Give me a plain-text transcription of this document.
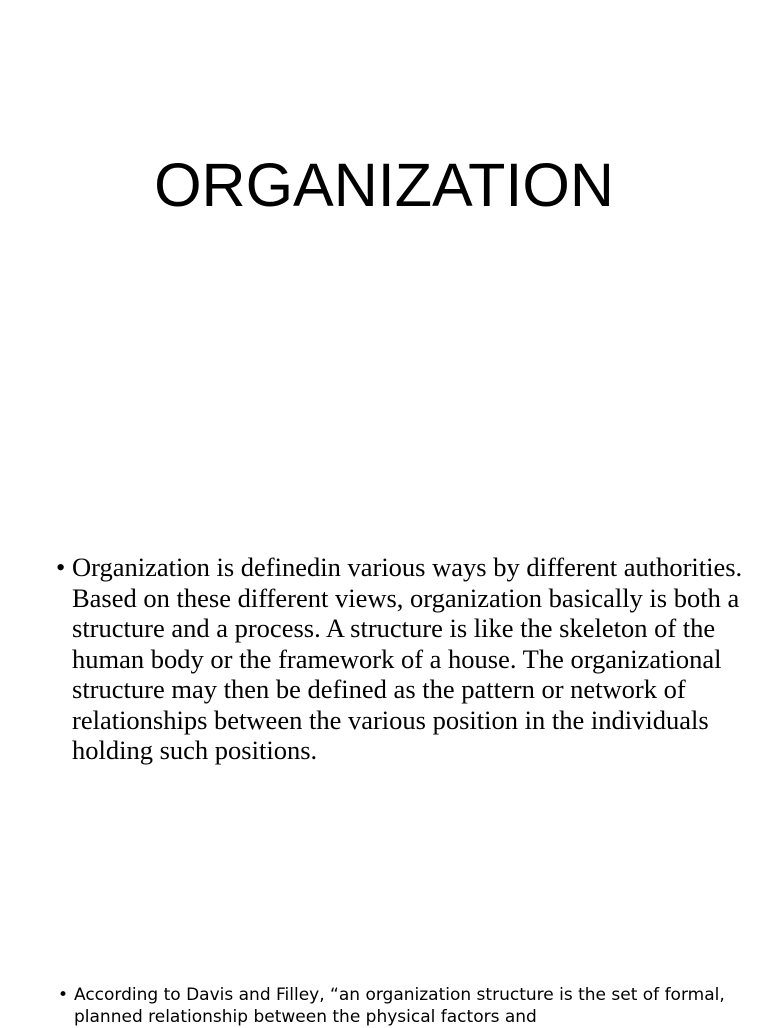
ORGANIZATION
• Organization is definedin various ways by different authorities. Based on these different views, organization basically is both a structure and a process. A structure is like the skeleton of the human body or the framework of a house. The organizational structure may then be defined as the pattern or network of relationships between the various position in the individuals holding such positions.
• According to Davis and Filley, “an organization structure is the set of formal, planned relationship between the physical factors and
